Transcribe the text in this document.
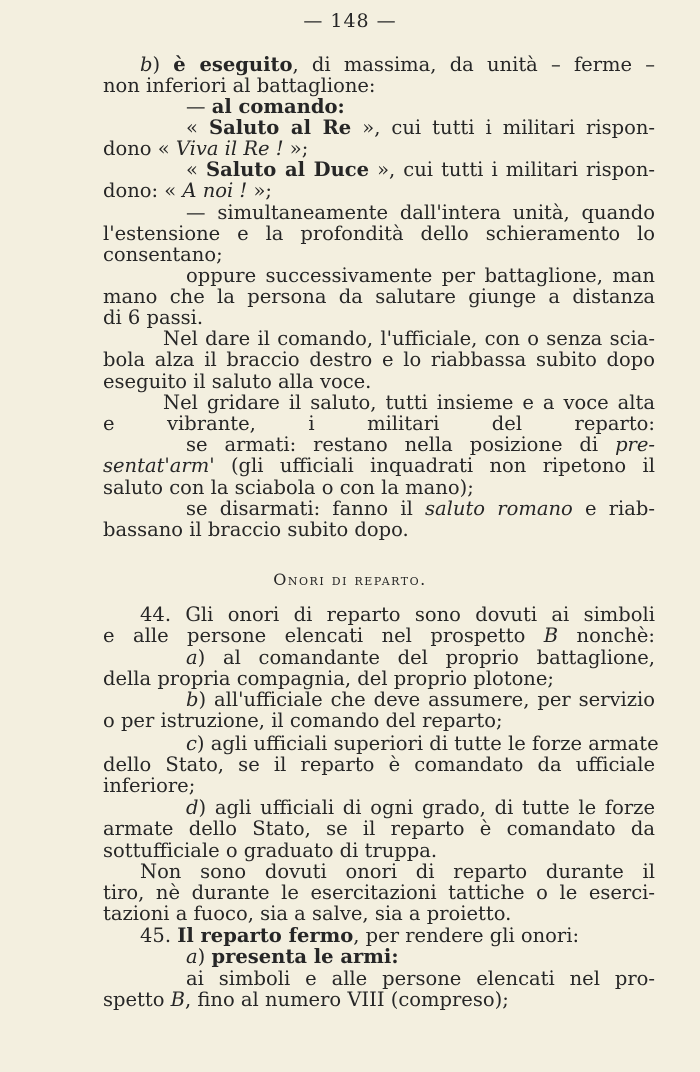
— 148 —
Onori di reparto.
b) è eseguito, di massima, da unità – ferme –
non inferiori al battaglione:
— al comando:
« Saluto al Re », cui tutti i militari rispon-
dono « Viva il Re ! »;
« Saluto al Duce », cui tutti i militari rispon-
dono: « A noi ! »;
— simultaneamente dall'intera unità, quando
l'estensione e la profondità dello schieramento lo
consentano;
oppure successivamente per battaglione, man
mano che la persona da salutare giunge a distanza
di 6 passi.
Nel dare il comando, l'ufficiale, con o senza scia-
bola alza il braccio destro e lo riabbassa subito dopo
eseguito il saluto alla voce.
Nel gridare il saluto, tutti insieme e a voce alta
e vibrante, i militari del reparto:
se armati: restano nella posizione di pre-
sentat'arm' (gli ufficiali inquadrati non ripetono il
saluto con la sciabola o con la mano);
se disarmati: fanno il saluto romano e riab-
bassano il braccio subito dopo.
44. Gli onori di reparto sono dovuti ai simboli
e alle persone elencati nel prospetto B nonchè:
a) al comandante del proprio battaglione,
della propria compagnia, del proprio plotone;
b) all'ufficiale che deve assumere, per servizio
o per istruzione, il comando del reparto;
c) agli ufficiali superiori di tutte le forze armate
dello Stato, se il reparto è comandato da ufficiale
inferiore;
d) agli ufficiali di ogni grado, di tutte le forze
armate dello Stato, se il reparto è comandato da
sottufficiale o graduato di truppa.
Non sono dovuti onori di reparto durante il
tiro, nè durante le esercitazioni tattiche o le eserci-
tazioni a fuoco, sia a salve, sia a proietto.
45. Il reparto fermo, per rendere gli onori:
a) presenta le armi:
ai simboli e alle persone elencati nel pro-
spetto B, fino al numero VIII (compreso);
